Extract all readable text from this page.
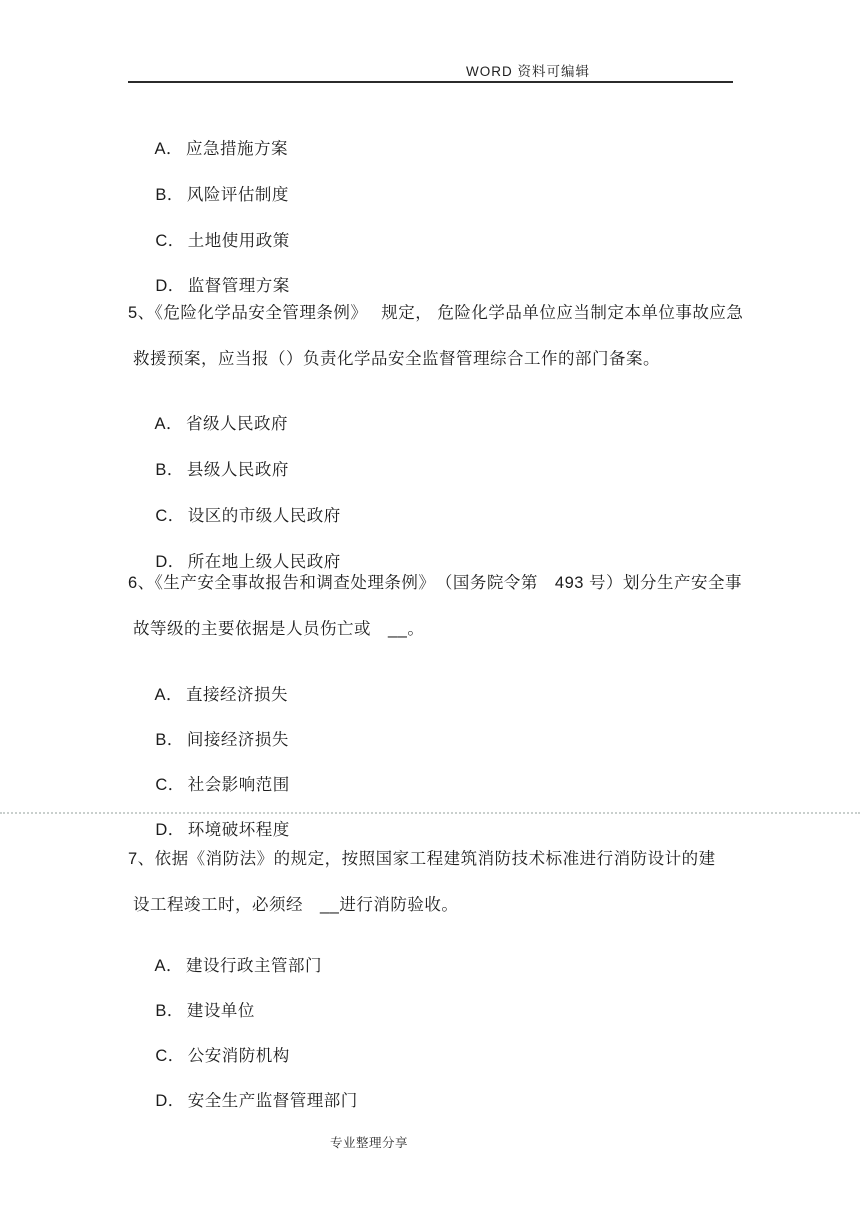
WORD 资料可编辑

A． 应急措施方案

B． 风险评估制度

C． 土地使用政策

D． 监督管理方案

5、《危险化学品安全管理条例》　 规定， 危险化学品单位应当制定本单位事故应急
救援预案，应当报（）负责化学品安全监督管理综合工作的部门备案。

A． 省级人民政府

B． 县级人民政府

C． 设区的市级人民政府

D． 所在地上级人民政府

6、《生产安全事故报告和调查处理条例》　（国务院令第　493 号）划分生产安全事
故等级的主要依据是人员伤亡或　__。

A． 直接经济损失

B． 间接经济损失

C． 社会影响范围

D． 环境破坏程度

7、依据《消防法》的规定，按照国家工程建筑消防技术标准进行消防设计的建
设工程竣工时，必须经　__进行消防验收。

A． 建设行政主管部门

B． 建设单位

C． 公安消防机构

D． 安全生产监督管理部门

专业整理分享
